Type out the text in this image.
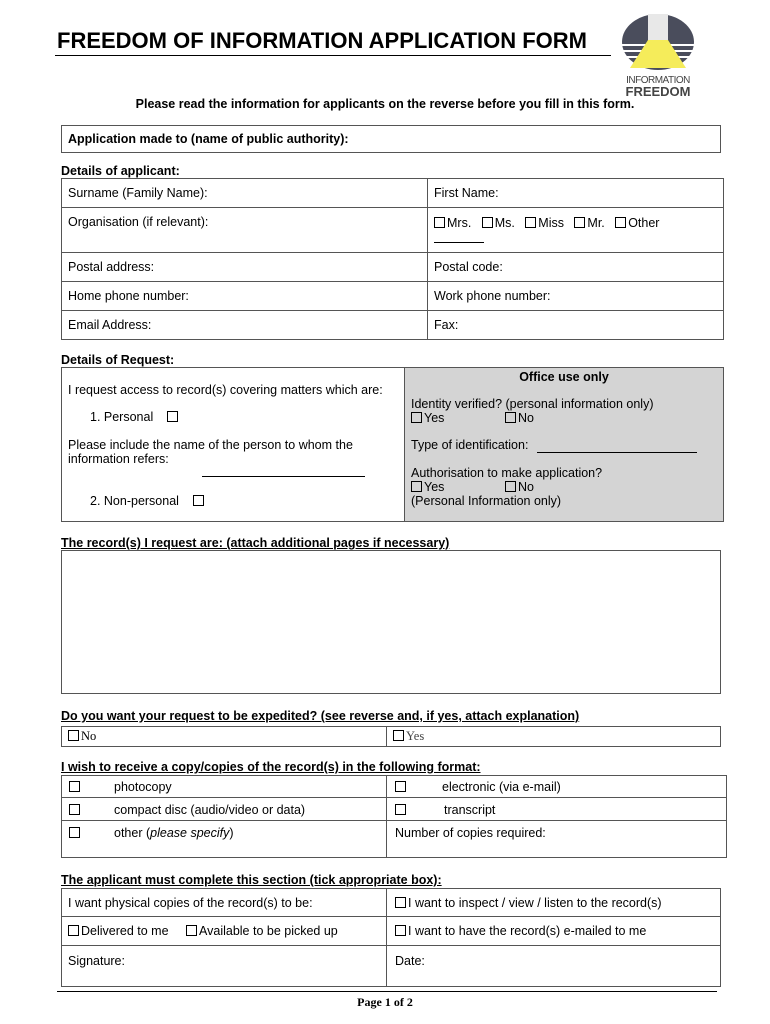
FREEDOM OF INFORMATION APPLICATION FORM
INFORMATION
FREEDOM
Please read the information for applicants on the reverse before you fill in this form.
Application made to (name of public authority):
Details of applicant:
Surname (Family Name):	First Name:
Organisation (if relevant):	Mrs. Ms. Miss Mr. Other
Postal address:	Postal code:
Home phone number:	Work phone number:
Email Address:	Fax:
Details of Request:
I request access to record(s) covering matters which are:
1. Personal
Please include the name of the person to whom the information refers:
2. Non-personal
Office use only
Identity verified? (personal information only)
Yes	No
Type of identification:
Authorisation to make application?
Yes	No
(Personal Information only)
The record(s) I request are: (attach additional pages if necessary)
Do you want your request to be expedited? (see reverse and, if yes, attach explanation)
No	Yes
I wish to receive a copy/copies of the record(s) in the following format:
photocopy	electronic (via e-mail)
compact disc (audio/video or data)	transcript
other (please specify)	Number of copies required:
The applicant must complete this section (tick appropriate box):
I want physical copies of the record(s) to be:	I want to inspect / view / listen to the record(s)
Delivered to me	Available to be picked up	I want to have the record(s) e-mailed to me
Signature:	Date:
Page 1 of 2
